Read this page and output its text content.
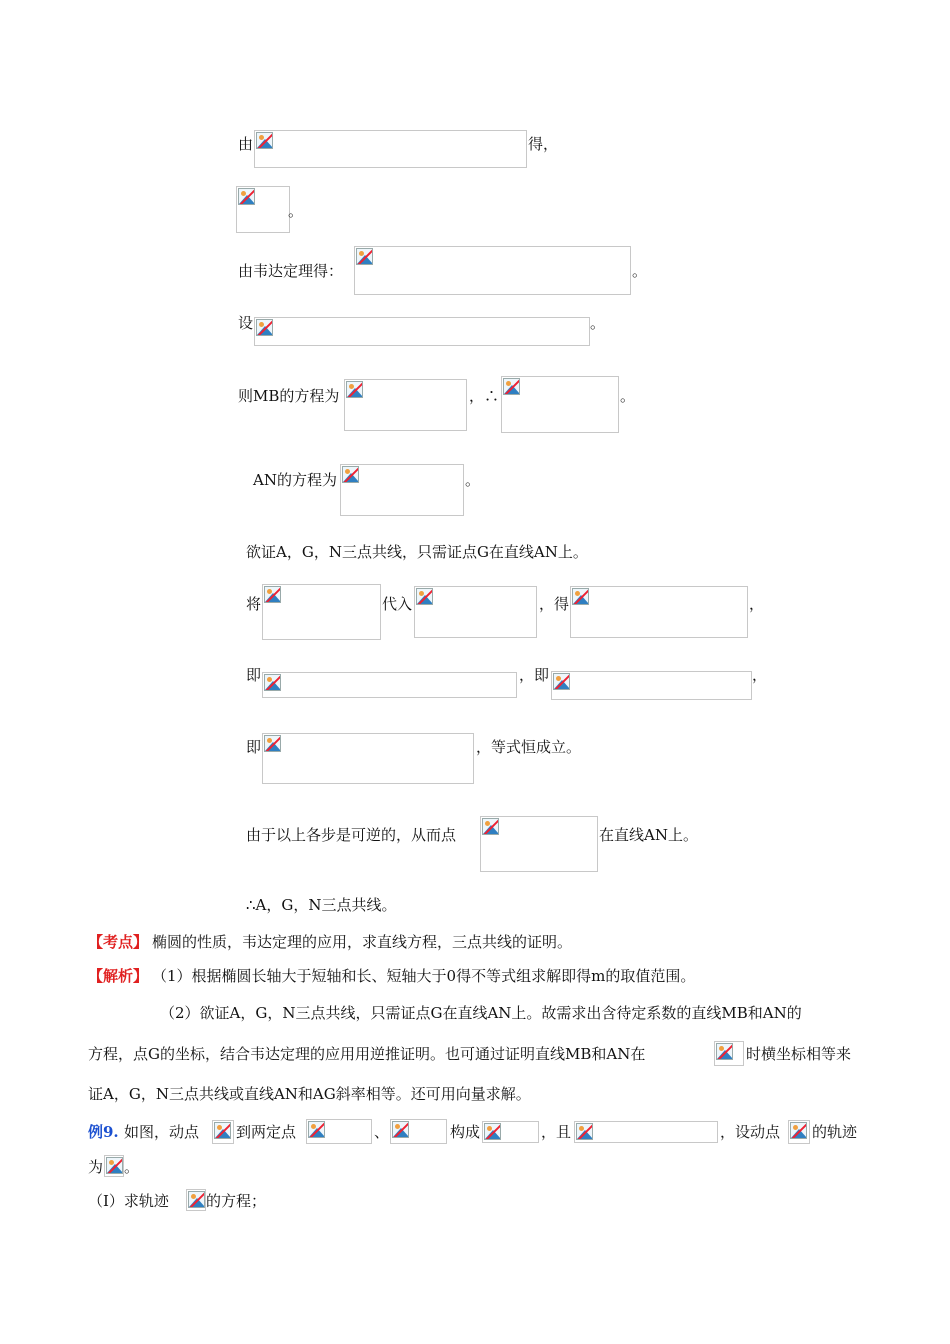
由	得，
。
由韦达定理得：	。
设	。
则MB的方程为	，∴	。
AN的方程为	。
欲证A，G，N三点共线，只需证点G在直线AN上。
将	代入	，得	，
即	，即	，
即	，等式恒成立。
由于以上各步是可逆的，从而点	在直线AN上。
∴A，G，N三点共线。
【考点】 椭圆的性质，韦达定理的应用，求直线方程，三点共线的证明。
【解析】 （1）根据椭圆长轴大于短轴和长、短轴大于0得不等式组求解即得m的取值范围。
（2）欲证A，G，N三点共线，只需证点G在直线AN上。故需求出含待定系数的直线MB和AN的
方程，点G的坐标，结合韦达定理的应用用逆推证明。也可通过证明直线MB和AN在	时横坐标相等来
证A，G，N三点共线或直线AN和AG斜率相等。还可用向量求解。
例9. 如图，动点 到两定点	、	构成	，且	，设动点 的轨迹
为 。
（Ⅰ）求轨迹 的方程；
